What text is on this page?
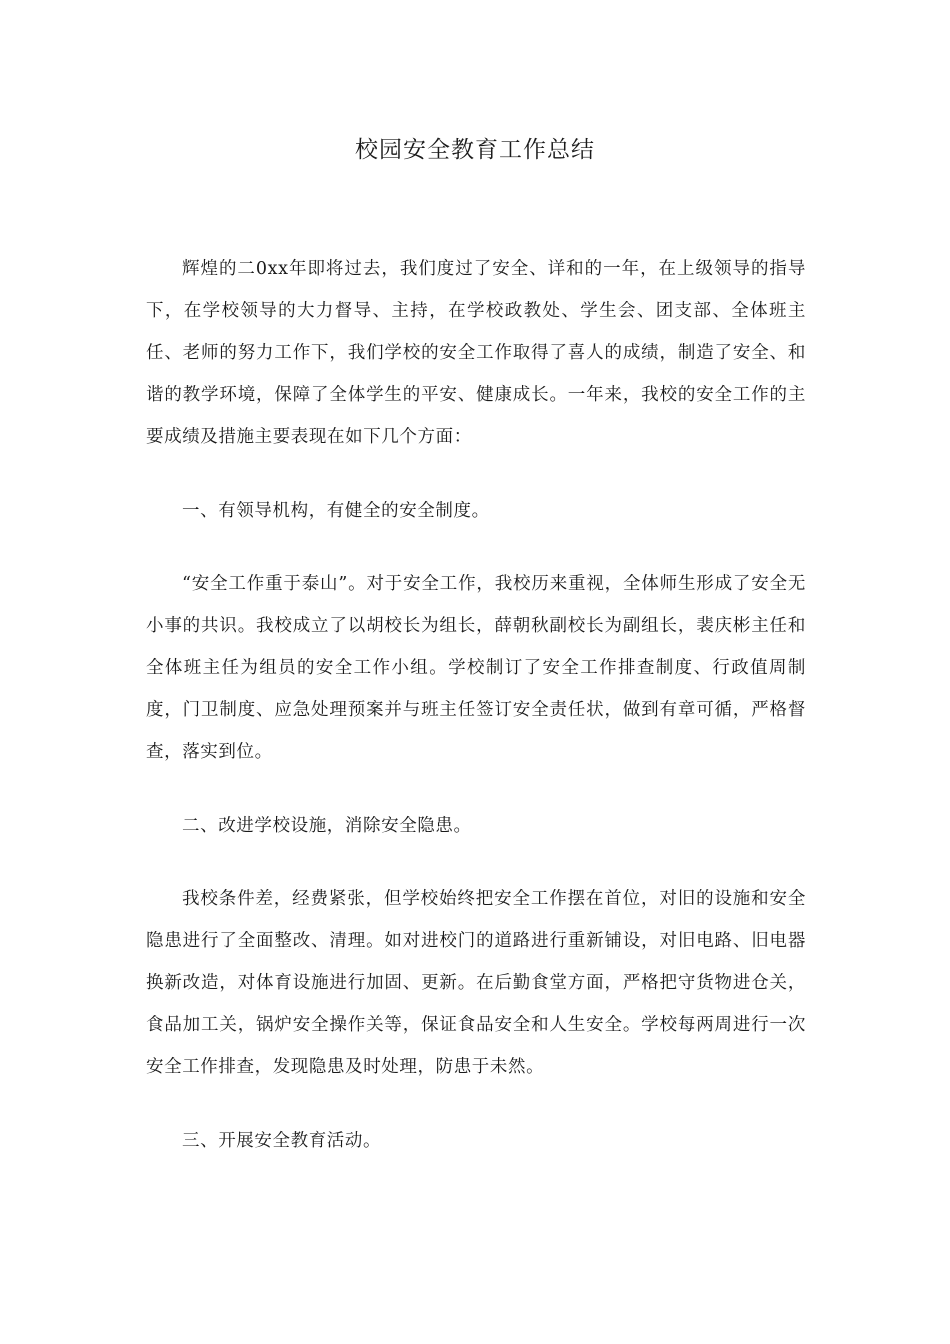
校园安全教育工作总结

辉煌的二0xx年即将过去，我们度过了安全、详和的一年，在上级领导的指导下，在学校领导的大力督导、主持，在学校政教处、学生会、团支部、全体班主任、老师的努力工作下，我们学校的安全工作取得了喜人的成绩，制造了安全、和谐的教学环境，保障了全体学生的平安、健康成长。一年来，我校的安全工作的主要成绩及措施主要表现在如下几个方面：

一、有领导机构，有健全的安全制度。

“安全工作重于泰山”。对于安全工作，我校历来重视，全体师生形成了安全无小事的共识。我校成立了以胡校长为组长，薛朝秋副校长为副组长，裴庆彬主任和全体班主任为组员的安全工作小组。学校制订了安全工作排查制度、行政值周制度，门卫制度、应急处理预案并与班主任签订安全责任状，做到有章可循，严格督查，落实到位。

二、改进学校设施，消除安全隐患。

我校条件差，经费紧张，但学校始终把安全工作摆在首位，对旧的设施和安全隐患进行了全面整改、清理。如对进校门的道路进行重新铺设，对旧电路、旧电器换新改造，对体育设施进行加固、更新。在后勤食堂方面，严格把守货物进仓关，食品加工关，锅炉安全操作关等，保证食品安全和人生安全。学校每两周进行一次安全工作排查，发现隐患及时处理，防患于未然。

三、开展安全教育活动。
